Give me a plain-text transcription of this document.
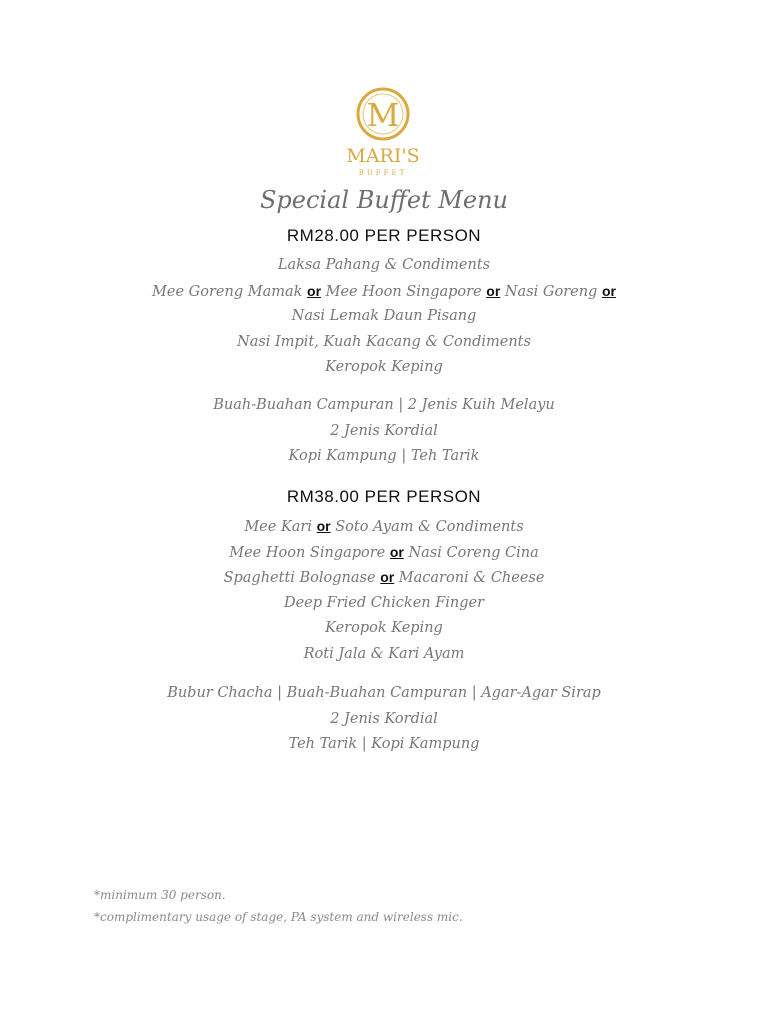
M
MARI'S
BUFFET
Special Buffet Menu
RM28.00 PER PERSON
Laksa Pahang & Condiments
Mee Goreng Mamak or Mee Hoon Singapore or Nasi Goreng or
Nasi Lemak Daun Pisang
Nasi Impit, Kuah Kacang & Condiments
Keropok Keping
Buah-Buahan Campuran | 2 Jenis Kuih Melayu
2 Jenis Kordial
Kopi Kampung | Teh Tarik
RM38.00 PER PERSON
Mee Kari or Soto Ayam & Condiments
Mee Hoon Singapore or Nasi Coreng Cina
Spaghetti Bolognase or Macaroni & Cheese
Deep Fried Chicken Finger
Keropok Keping
Roti Jala & Kari Ayam
Bubur Chacha | Buah-Buahan Campuran | Agar-Agar Sirap
2 Jenis Kordial
Teh Tarik | Kopi Kampung
*minimum 30 person.
*complimentary usage of stage, PA system and wireless mic.
